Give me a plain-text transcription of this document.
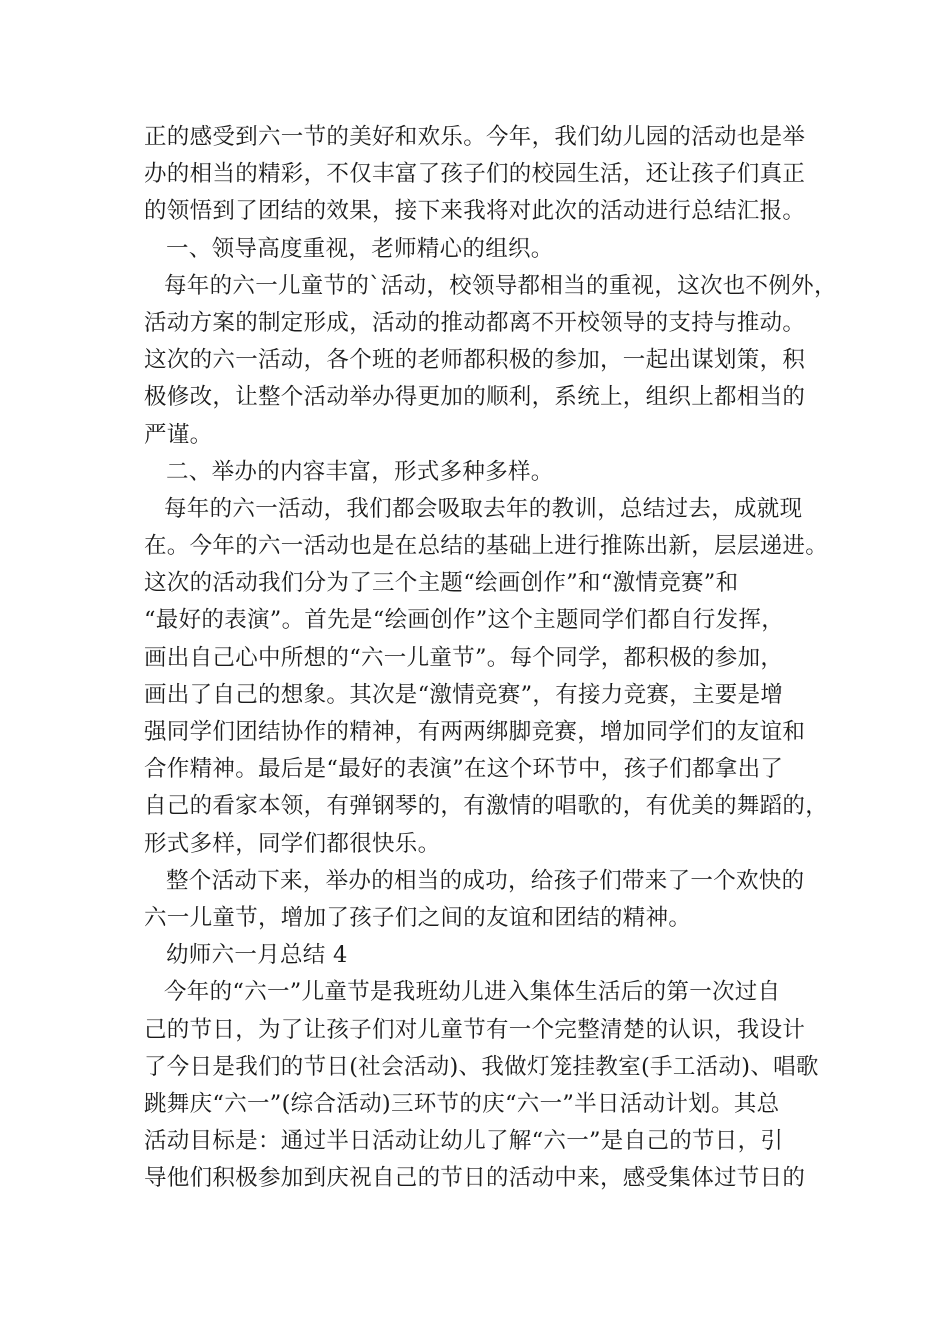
正的感受到六一节的美好和欢乐。今年，我们幼儿园的活动也是举
办的相当的精彩，不仅丰富了孩子们的校园生活，还让孩子们真正
的领悟到了团结的效果，接下来我将对此次的活动进行总结汇报。
一、领导高度重视，老师精心的组织。
每年的六一儿童节的`活动，校领导都相当的重视，这次也不例外，
活动方案的制定形成，活动的推动都离不开校领导的支持与推动。
这次的六一活动，各个班的老师都积极的参加，一起出谋划策，积
极修改，让整个活动举办得更加的顺利，系统上，组织上都相当的
严谨。
二、举办的内容丰富，形式多种多样。
每年的六一活动，我们都会吸取去年的教训，总结过去，成就现
在。今年的六一活动也是在总结的基础上进行推陈出新，层层递进。
这次的活动我们分为了三个主题“绘画创作”和“激情竞赛”和
“最好的表演”。首先是“绘画创作”这个主题同学们都自行发挥，
画出自己心中所想的“六一儿童节”。每个同学，都积极的参加，
画出了自己的想象。其次是“激情竞赛”，有接力竞赛，主要是增
强同学们团结协作的精神，有两两绑脚竞赛，增加同学们的友谊和
合作精神。最后是“最好的表演”在这个环节中，孩子们都拿出了
自己的看家本领，有弹钢琴的，有激情的唱歌的，有优美的舞蹈的，
形式多样，同学们都很快乐。
整个活动下来，举办的相当的成功，给孩子们带来了一个欢快的
六一儿童节，增加了孩子们之间的友谊和团结的精神。
幼师六一月总结 4
今年的“六一”儿童节是我班幼儿进入集体生活后的第一次过自
己的节日，为了让孩子们对儿童节有一个完整清楚的认识，我设计
了今日是我们的节日(社会活动)、我做灯笼挂教室(手工活动)、唱歌
跳舞庆“六一”(综合活动)三环节的庆“六一”半日活动计划。其总
活动目标是：通过半日活动让幼儿了解“六一”是自己的节日，引
导他们积极参加到庆祝自己的节日的活动中来，感受集体过节日的
